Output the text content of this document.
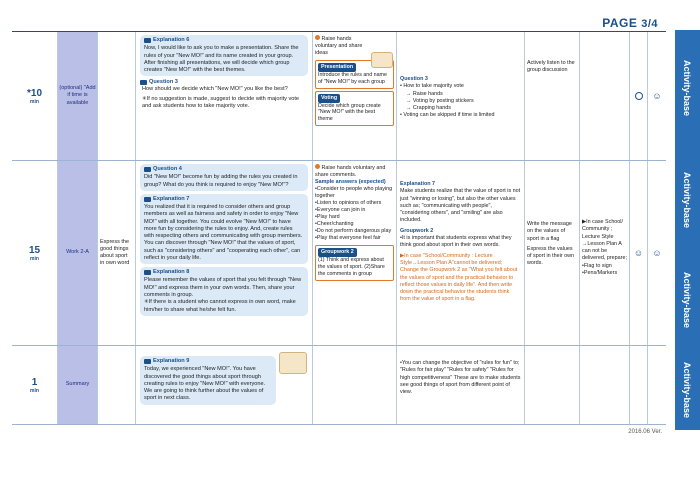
PAGE 3/4
Activity-base
Activity-base
Activity-base
Activity-base
*10
min
(optional) "Add if time is available
Explanation 6
Now, I would like to ask you to make a presentation. Share the rules of your "New MO!" and its name created in your group. After finishing all presentations, we will decide which group creates "New MO!" with the best themes.
Question 3
How should we decide which "New MO!" you like the best?
✳If no suggestion is made, suggest to decide with majority vote and ask students how to take majority vote.
Raise hands voluntary and share ideas
Presentation
Introduce the rules and name of "New MO!" by each group
Voting
Decide which group create "New MO!" with the best theme
Question 3
• How to take majority vote
→ Raise hands
→ Voting by posting stickers
→ Crapping hands
• Voting can be skipped if time is limited
Actively listen to the group discussion
☺
15
min
Work 2-A
Express the good things about sport in own word
Question 4
Did "New MO!" become fun by adding the rules you created in group? What do you think is required to enjoy "New MO!"?
Explanation 7
You realized that it is required to consider others and group members as well as fairness and safety in order to enjoy "New MO!" with all together. You could evolve "New MO!" to have more fun by considering the rules to enjoy. And, create rules with respecting others and communicating with group members. You can discover through "New MO!" that the values of sport, such as "considering others" and "cooperating each other", can reflect in your daily life.
Explanation 8
Please remember the values of sport that you felt through "New MO!" and express them in your own words. Then, share your comments in group.
✳If there is a student who cannot express in own word, make him/her to share what he/she felt fun.
Raise hands voluntary and share comments.
Sample answers (expected)
•Consider to people who playing together
•Listen to opinions of others
•Everyone can join in
•Play hard
•Cheer/chanting
•Do not perform dangerous play
•Play that everyone feel fair
Groupwork 2
(1) Think and express about the values of sport. (2)Share the comments in group
Explanation 7
Make students realize that the value of sport is not just "winning or losing", but also the other values such as; "communicating with people", "considering others", and "smiling" are also included.
Groupwork 2
•It is important that students express what they think good about sport in their own words.
▶In case "School/Community : Lecture Style→Lesson Plan A"cannot be delivered; Change the Groupwork 2 as "What you felt about the values of sport and the practical behavior to reflect those values in daily life". And then write down the practical behavior the students think from the value of sport in a flag.
Write the message on the values of sport in a flag
Express the values of sport in their own words.
▶In case School/ Community ; Lecture Style →Lesson Plan A can not be delivered, prepare; •Flag to sign •Pens/Markers
☺ ☺
1
min
Summary
Explanation 9
Today, we experienced "New MO!". You have discovered the good things about sport through creating rules to enjoy "New MO!" with everyone. We are going to think further about the values of sport in next class.
•You can change the objective of "rules for fun" to; "Rules for fair play" "Rules for safety" "Rules for high competitiveness" These are to make students see good things of sport from different point of view.
2016.06 Ver.
